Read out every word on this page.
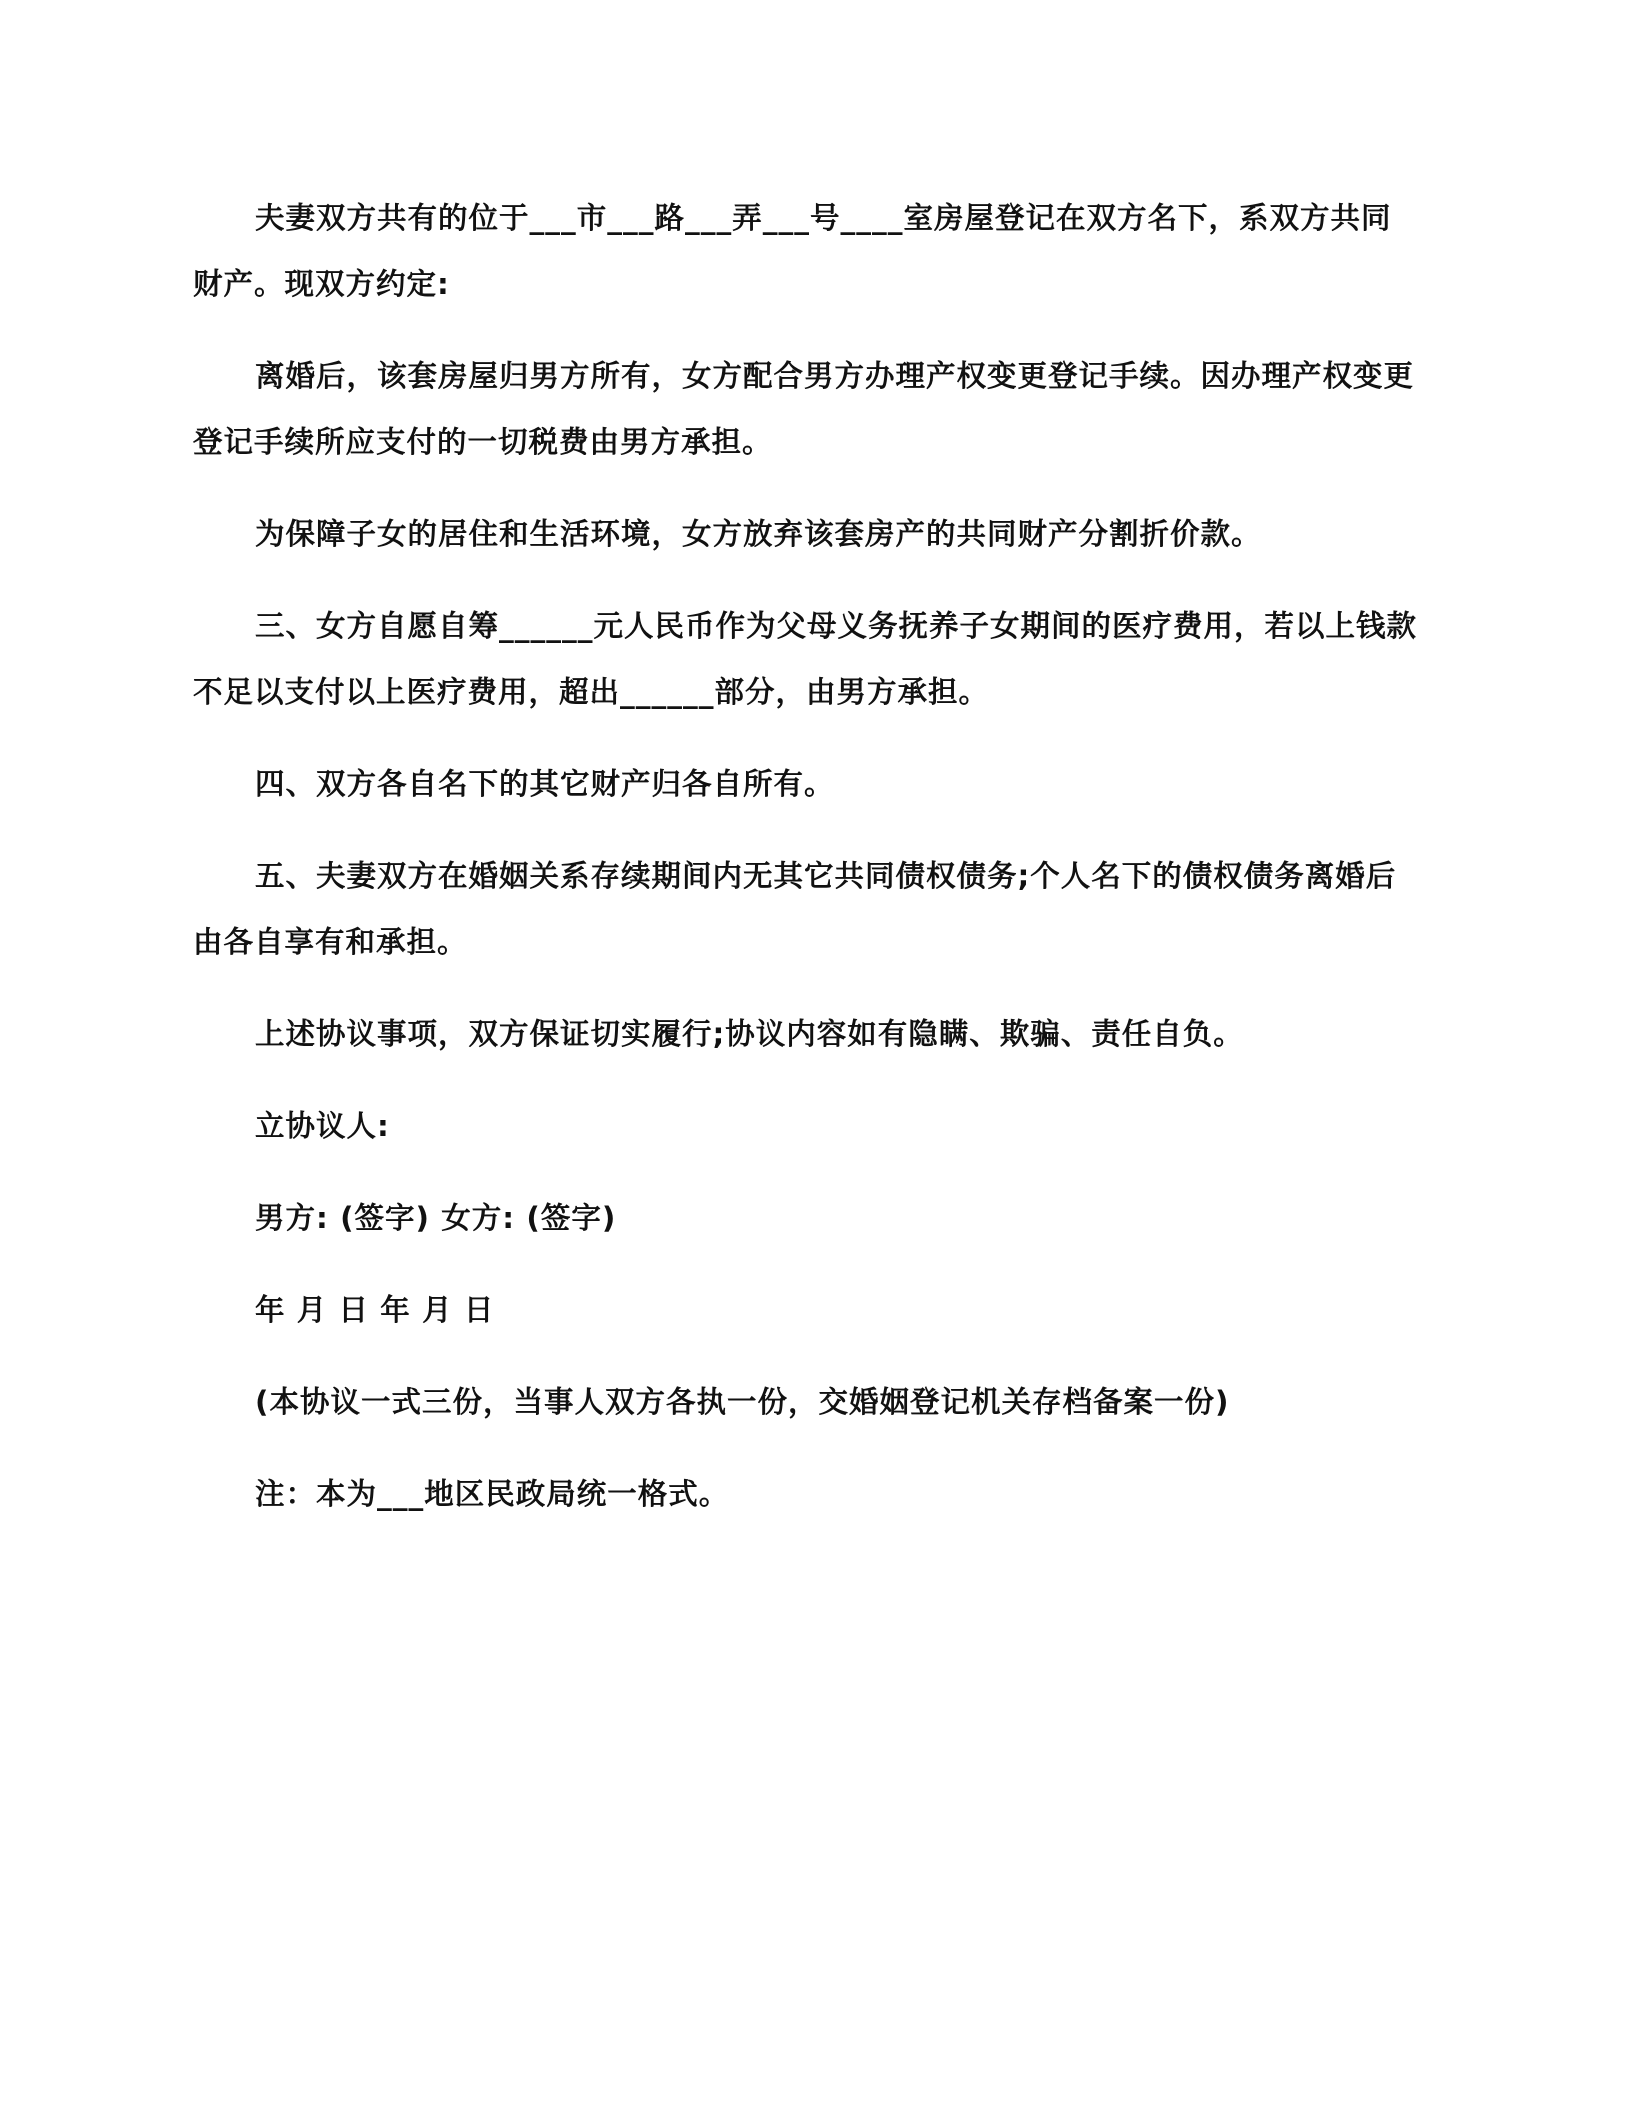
夫妻双方共有的位于___市___路___弄___号____室房屋登记在双方名下，系双方共同财产。现双方约定:

离婚后，该套房屋归男方所有，女方配合男方办理产权变更登记手续。因办理产权变更登记手续所应支付的一切税费由男方承担。

为保障子女的居住和生活环境，女方放弃该套房产的共同财产分割折价款。

三、女方自愿自筹______元人民币作为父母义务抚养子女期间的医疗费用，若以上钱款不足以支付以上医疗费用，超出______部分，由男方承担。

四、双方各自名下的其它财产归各自所有。

五、夫妻双方在婚姻关系存续期间内无其它共同债权债务;个人名下的债权债务离婚后由各自享有和承担。

上述协议事项，双方保证切实履行;协议内容如有隐瞒、欺骗、责任自负。

立协议人:

男方: (签字) 女方: (签字)

年 月 日 年 月 日

(本协议一式三份，当事人双方各执一份，交婚姻登记机关存档备案一份)

注：本为___地区民政局统一格式。
